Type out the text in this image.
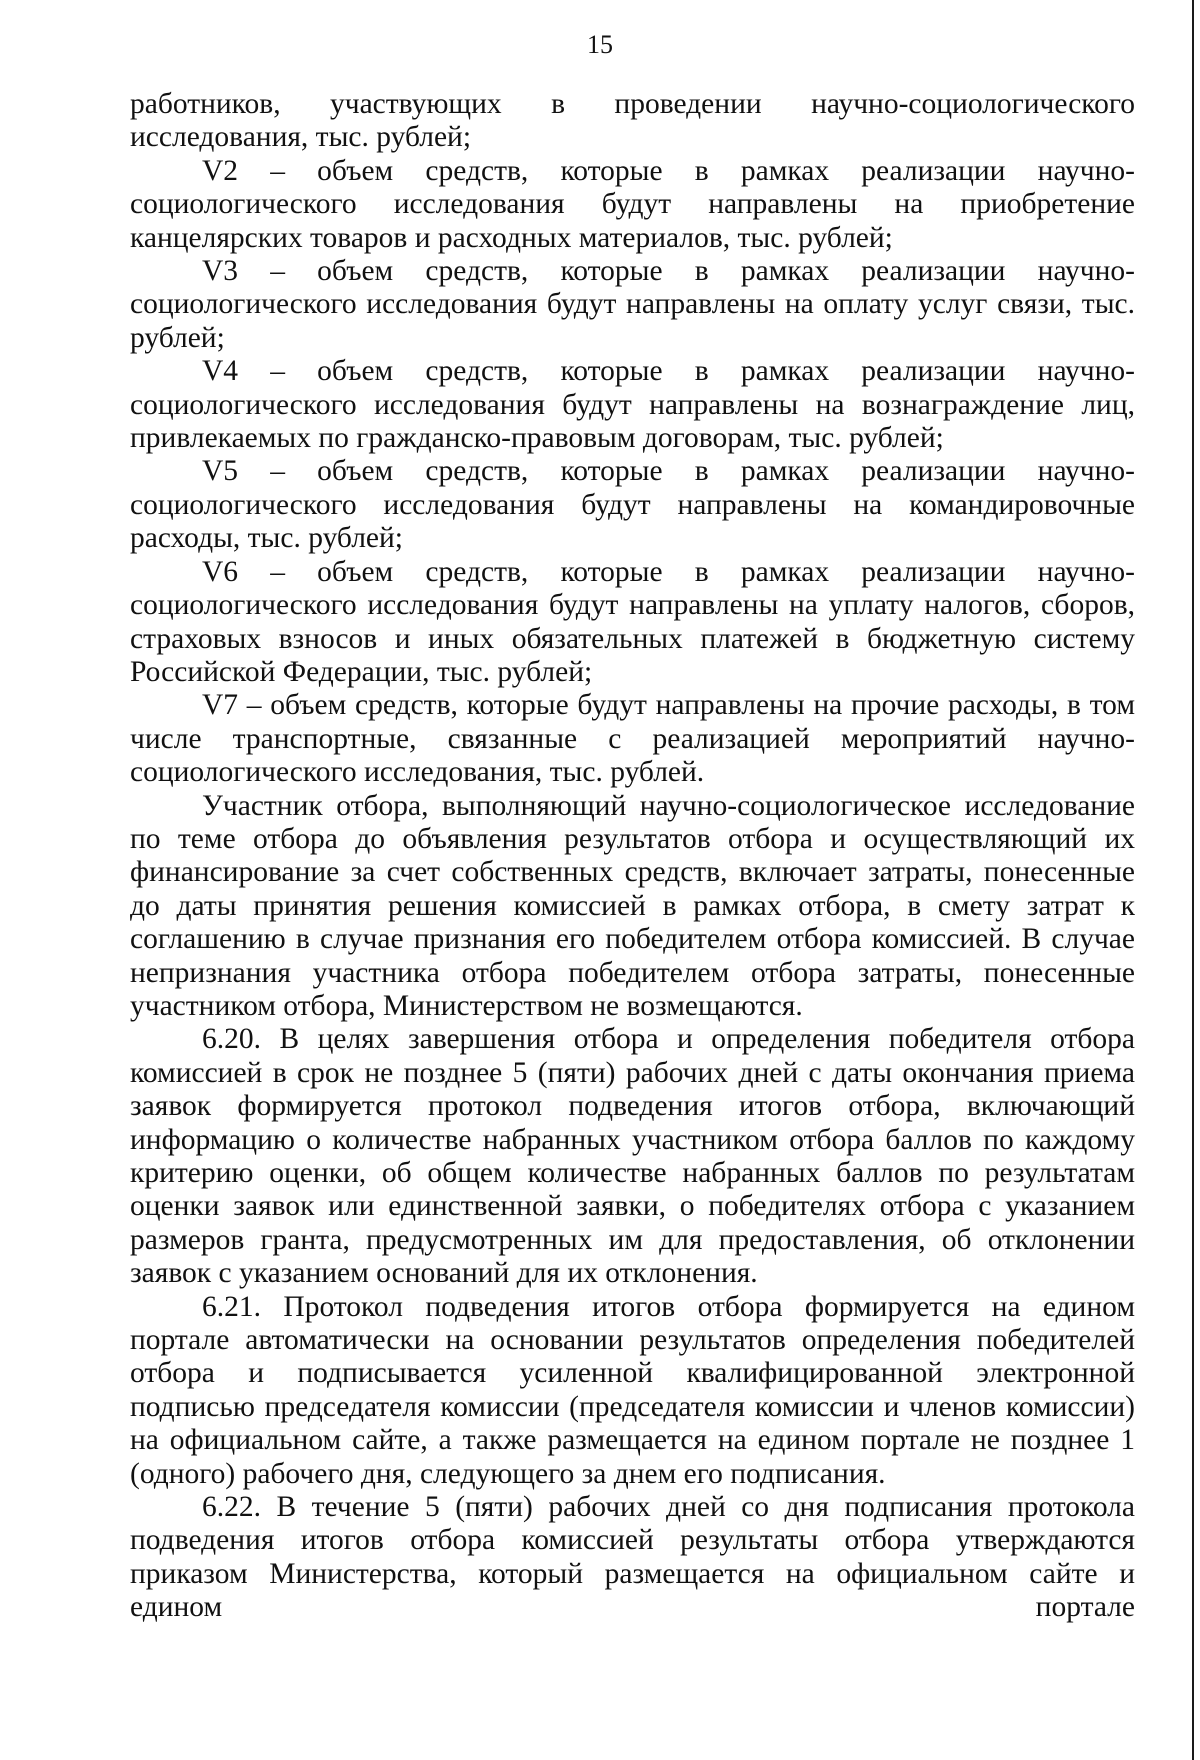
15

работников, участвующих в проведении научно-социологического исследования, тыс. рублей;

V2 – объем средств, которые в рамках реализации научно-социологического исследования будут направлены на приобретение канцелярских товаров и расходных материалов, тыс. рублей;

V3 – объем средств, которые в рамках реализации научно-социологического исследования будут направлены на оплату услуг связи, тыс. рублей;

V4 – объем средств, которые в рамках реализации научно-социологического исследования будут направлены на вознаграждение лиц, привлекаемых по гражданско-правовым договорам, тыс. рублей;

V5 – объем средств, которые в рамках реализации научно-социологического исследования будут направлены на командировочные расходы, тыс. рублей;

V6 – объем средств, которые в рамках реализации научно-социологического исследования будут направлены на уплату налогов, сборов, страховых взносов и иных обязательных платежей в бюджетную систему Российской Федерации, тыс. рублей;

V7 – объем средств, которые будут направлены на прочие расходы, в том числе транспортные, связанные с реализацией мероприятий научно-социологического исследования, тыс. рублей.

Участник отбора, выполняющий научно-социологическое исследование по теме отбора до объявления результатов отбора и осуществляющий их финансирование за счет собственных средств, включает затраты, понесенные до даты принятия решения комиссией в рамках отбора, в смету затрат к соглашению в случае признания его победителем отбора комиссией. В случае непризнания участника отбора победителем отбора затраты, понесенные участником отбора, Министерством не возмещаются.

6.20. В целях завершения отбора и определения победителя отбора комиссией в срок не позднее 5 (пяти) рабочих дней с даты окончания приема заявок формируется протокол подведения итогов отбора, включающий информацию о количестве набранных участником отбора баллов по каждому критерию оценки, об общем количестве набранных баллов по результатам оценки заявок или единственной заявки, о победителях отбора с указанием размеров гранта, предусмотренных им для предоставления, об отклонении заявок с указанием оснований для их отклонения.

6.21. Протокол подведения итогов отбора формируется на едином портале автоматически на основании результатов определения победителей отбора и подписывается усиленной квалифицированной электронной подписью председателя комиссии (председателя комиссии и членов комиссии) на официальном сайте, а также размещается на едином портале не позднее 1 (одного) рабочего дня, следующего за днем его подписания.

6.22. В течение 5 (пяти) рабочих дней со дня подписания протокола подведения итогов отбора комиссией результаты отбора утверждаются приказом Министерства, который размещается на официальном сайте и едином портале
